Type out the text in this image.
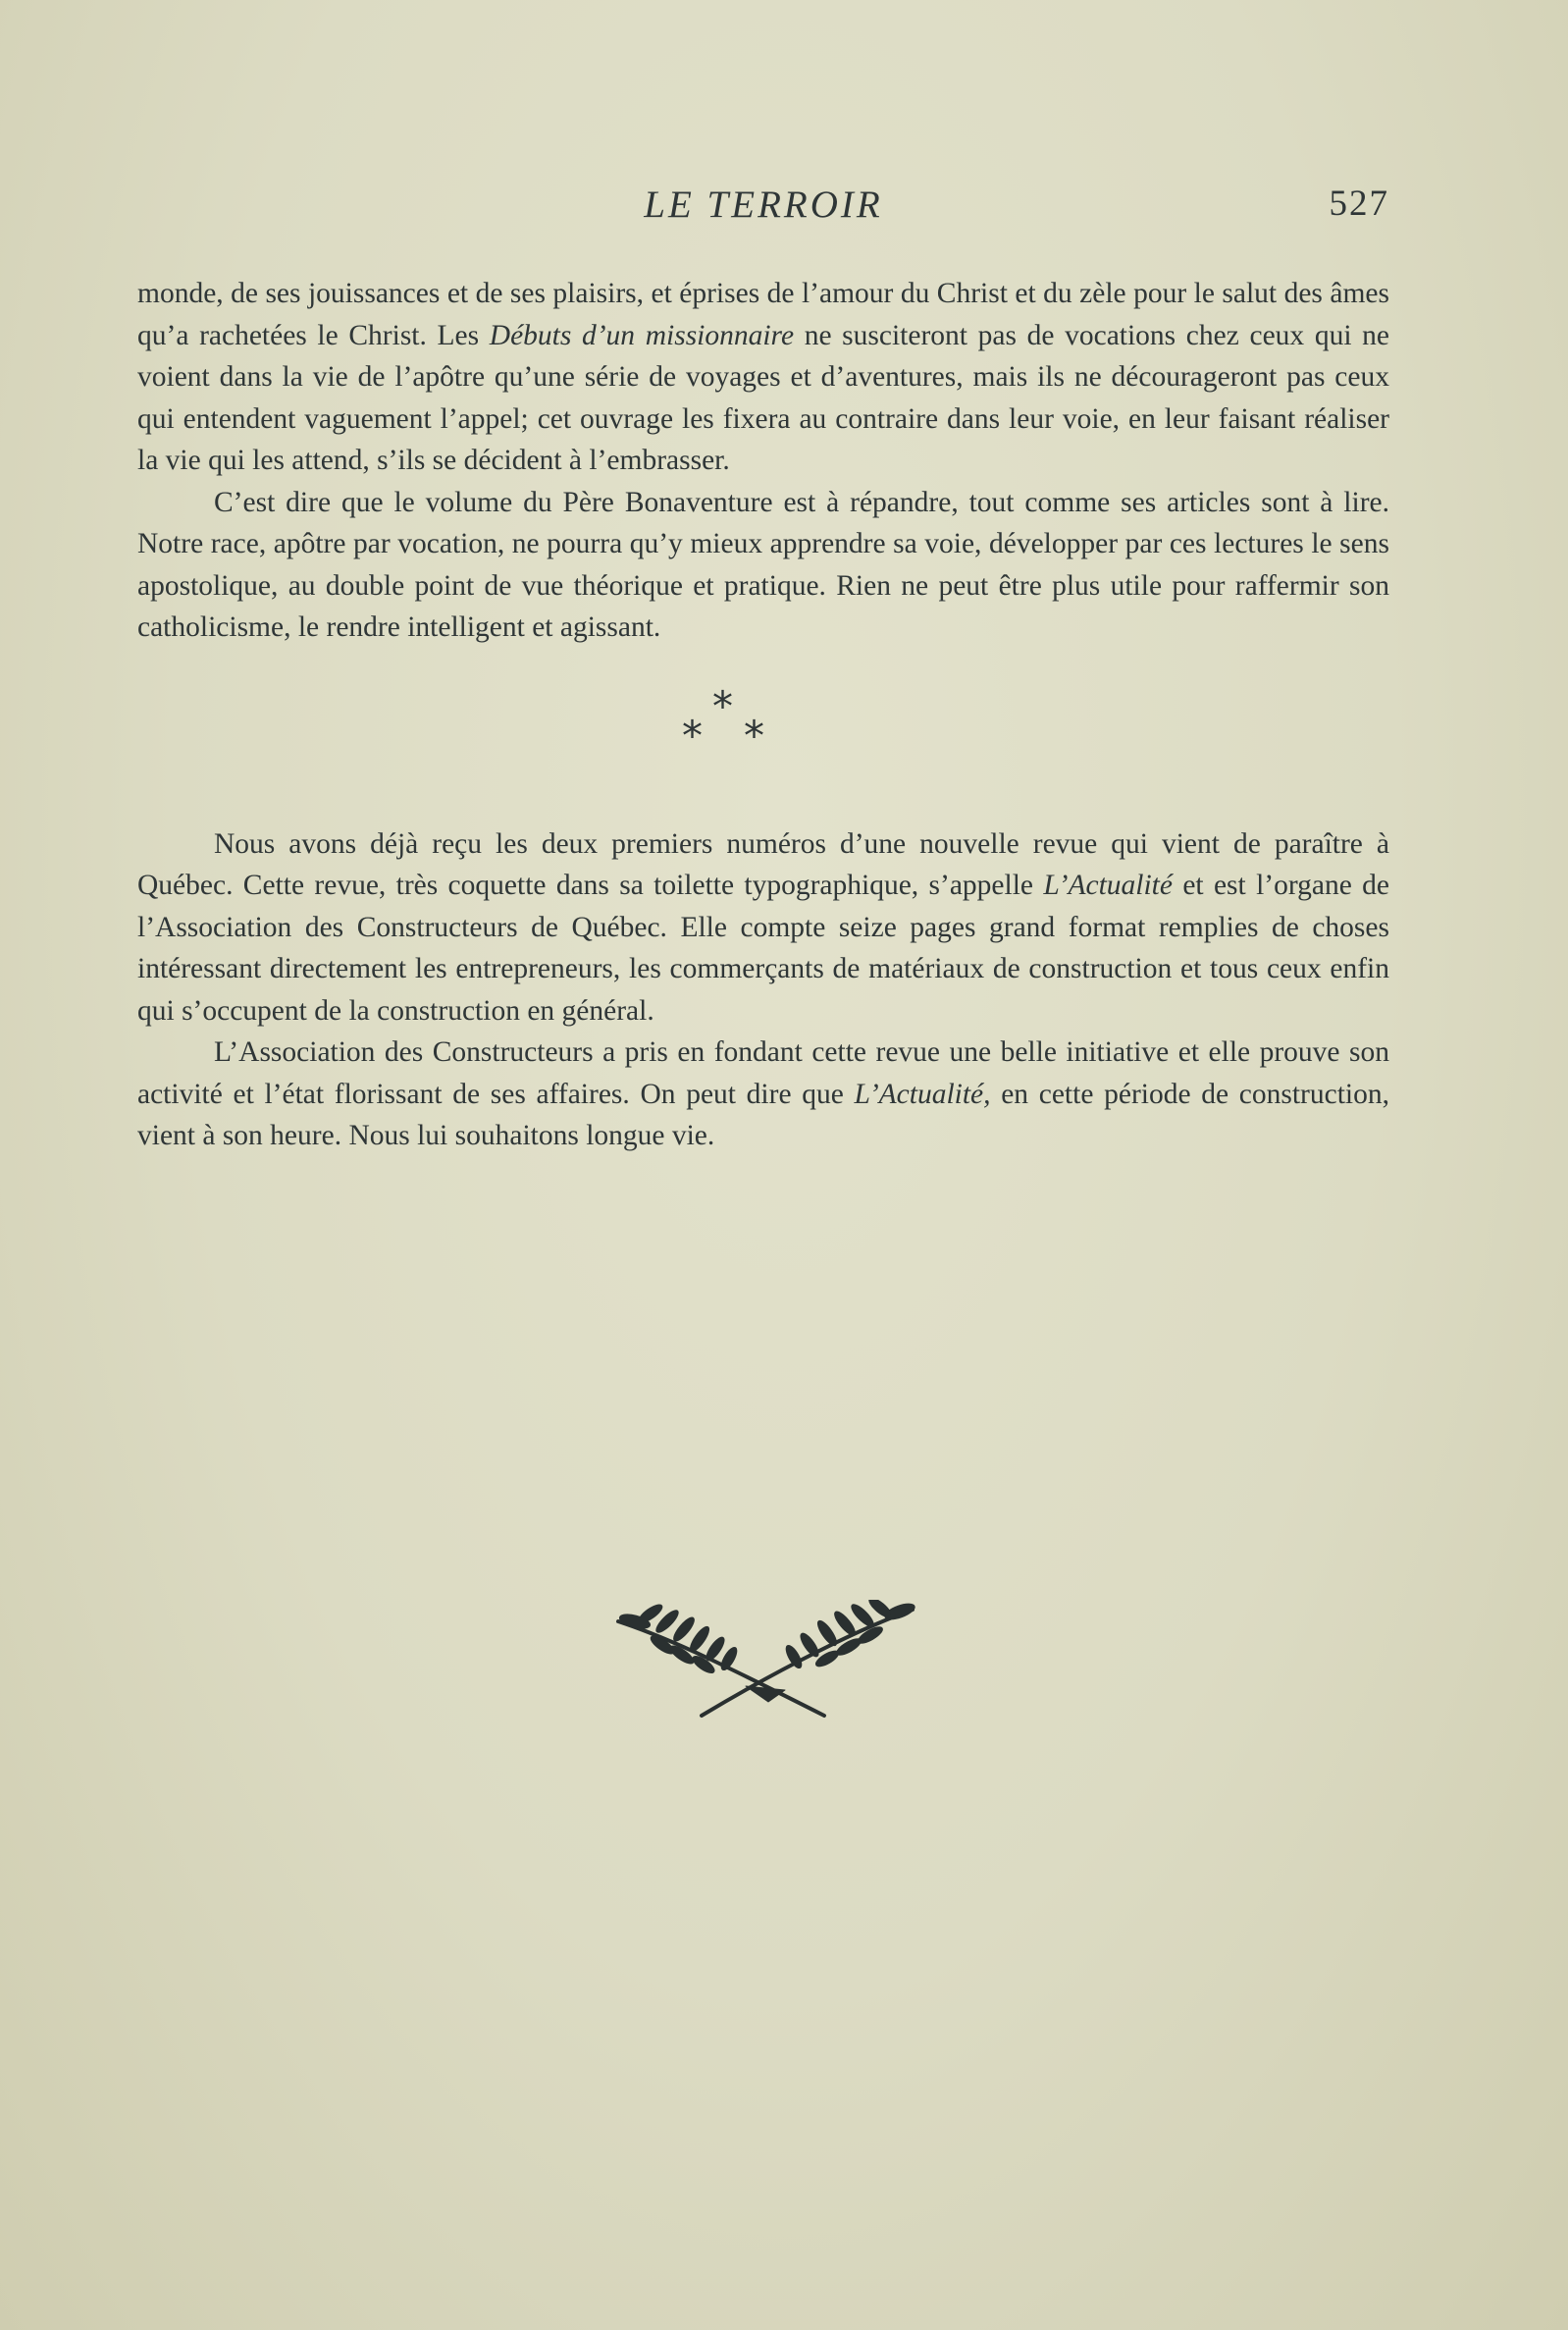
LE TERROIR	527

monde, de ses jouissances et de ses plaisirs, et éprises de l’amour du Christ et du zèle pour le salut des âmes qu’a rachetées le Christ. Les Débuts d’un missionnaire ne susciteront pas de vocations chez ceux qui ne voient dans la vie de l’apôtre qu’une série de voyages et d’aventures, mais ils ne décourageront pas ceux qui entendent vaguement l’appel; cet ouvrage les fixera au contraire dans leur voie, en leur faisant réaliser la vie qui les attend, s’ils se décident à l’embrasser.

C’est dire que le volume du Père Bonaventure est à répandre, tout comme ses articles sont à lire. Notre race, apôtre par vocation, ne pourra qu’y mieux apprendre sa voie, développer par ces lectures le sens apostolique, au double point de vue théorique et pratique. Rien ne peut être plus utile pour raffermir son catholicisme, le rendre intelligent et agissant.

*
* *

Nous avons déjà reçu les deux premiers numéros d’une nouvelle revue qui vient de paraître à Québec. Cette revue, très coquette dans sa toilette typographique, s’appelle L’Actualité et est l’organe de l’Association des Constructeurs de Québec. Elle compte seize pages grand format remplies de choses intéressant directement les entrepreneurs, les commerçants de matériaux de construction et tous ceux enfin qui s’occupent de la construction en général.

L’Association des Constructeurs a pris en fondant cette revue une belle initiative et elle prouve son activité et l’état florissant de ses affaires. On peut dire que L’Actualité, en cette période de construction, vient à son heure. Nous lui souhaitons longue vie.
